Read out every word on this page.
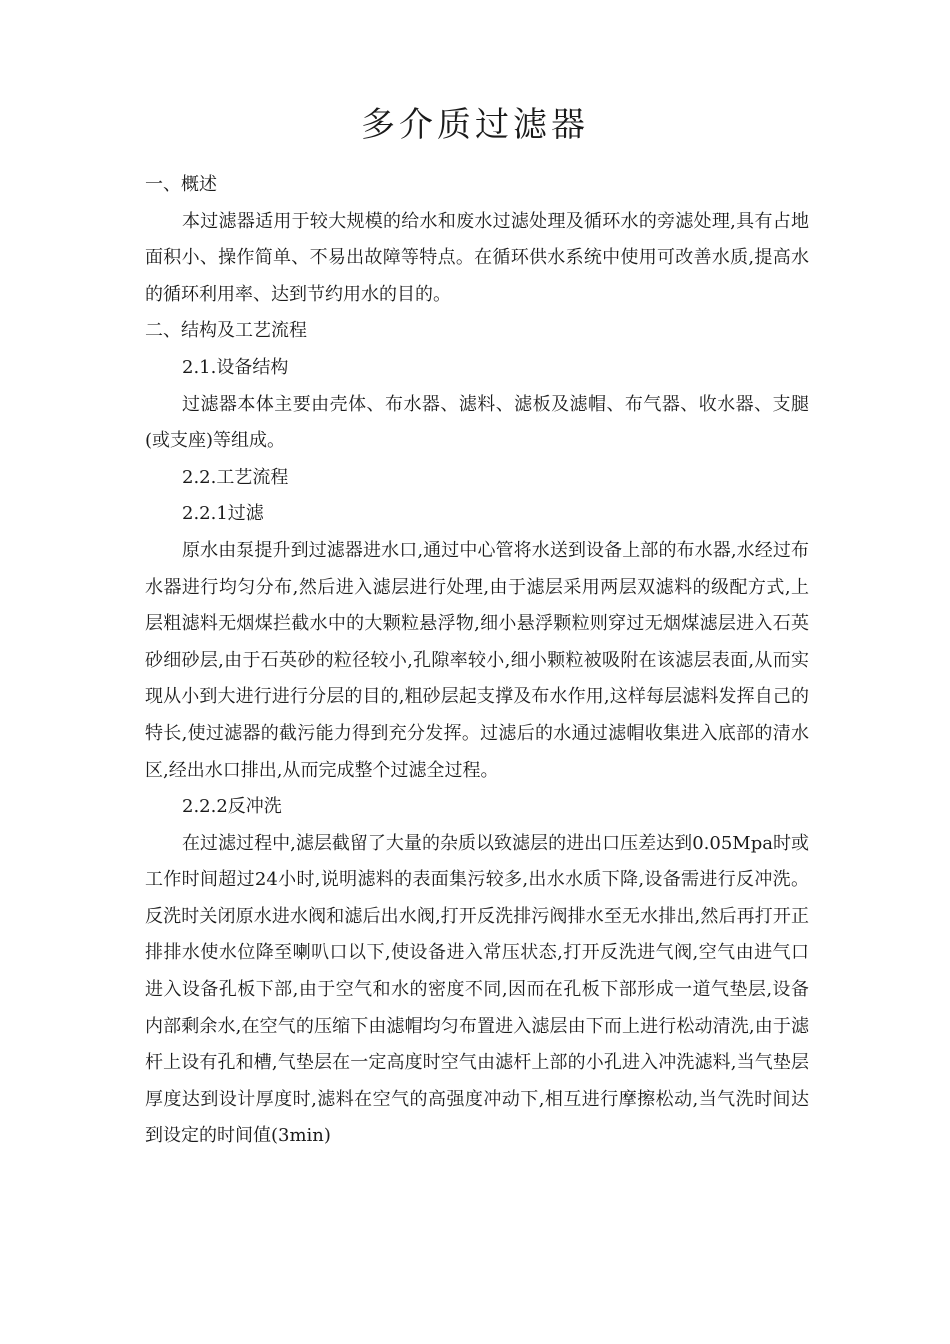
多介质过滤器

一、概述

本过滤器适用于较大规模的给水和废水过滤处理及循环水的旁滤处理,具有占地面积小、操作简单、不易出故障等特点。在循环供水系统中使用可改善水质,提高水的循环利用率、达到节约用水的目的。

二、结构及工艺流程

2.1.设备结构

过滤器本体主要由壳体、布水器、滤料、滤板及滤帽、布气器、收水器、支腿(或支座)等组成。

2.2.工艺流程

2.2.1过滤

原水由泵提升到过滤器进水口,通过中心管将水送到设备上部的布水器,水经过布水器进行均匀分布,然后进入滤层进行处理,由于滤层采用两层双滤料的级配方式,上层粗滤料无烟煤拦截水中的大颗粒悬浮物,细小悬浮颗粒则穿过无烟煤滤层进入石英砂细砂层,由于石英砂的粒径较小,孔隙率较小,细小颗粒被吸附在该滤层表面,从而实现从小到大进行进行分层的目的,粗砂层起支撑及布水作用,这样每层滤料发挥自己的特长,使过滤器的截污能力得到充分发挥。过滤后的水通过滤帽收集进入底部的清水区,经出水口排出,从而完成整个过滤全过程。

2.2.2反冲洗

在过滤过程中,滤层截留了大量的杂质以致滤层的进出口压差达到0.05Mpa时或工作时间超过24小时,说明滤料的表面集污较多,出水水质下降,设备需进行反冲洗。反洗时关闭原水进水阀和滤后出水阀,打开反洗排污阀排水至无水排出,然后再打开正排排水使水位降至喇叭口以下,使设备进入常压状态,打开反洗进气阀,空气由进气口进入设备孔板下部,由于空气和水的密度不同,因而在孔板下部形成一道气垫层,设备内部剩余水,在空气的压缩下由滤帽均匀布置进入滤层由下而上进行松动清洗,由于滤杆上设有孔和槽,气垫层在一定高度时空气由滤杆上部的小孔进入冲洗滤料,当气垫层厚度达到设计厚度时,滤料在空气的高强度冲动下,相互进行摩擦松动,当气洗时间达到设定的时间值(3min)
